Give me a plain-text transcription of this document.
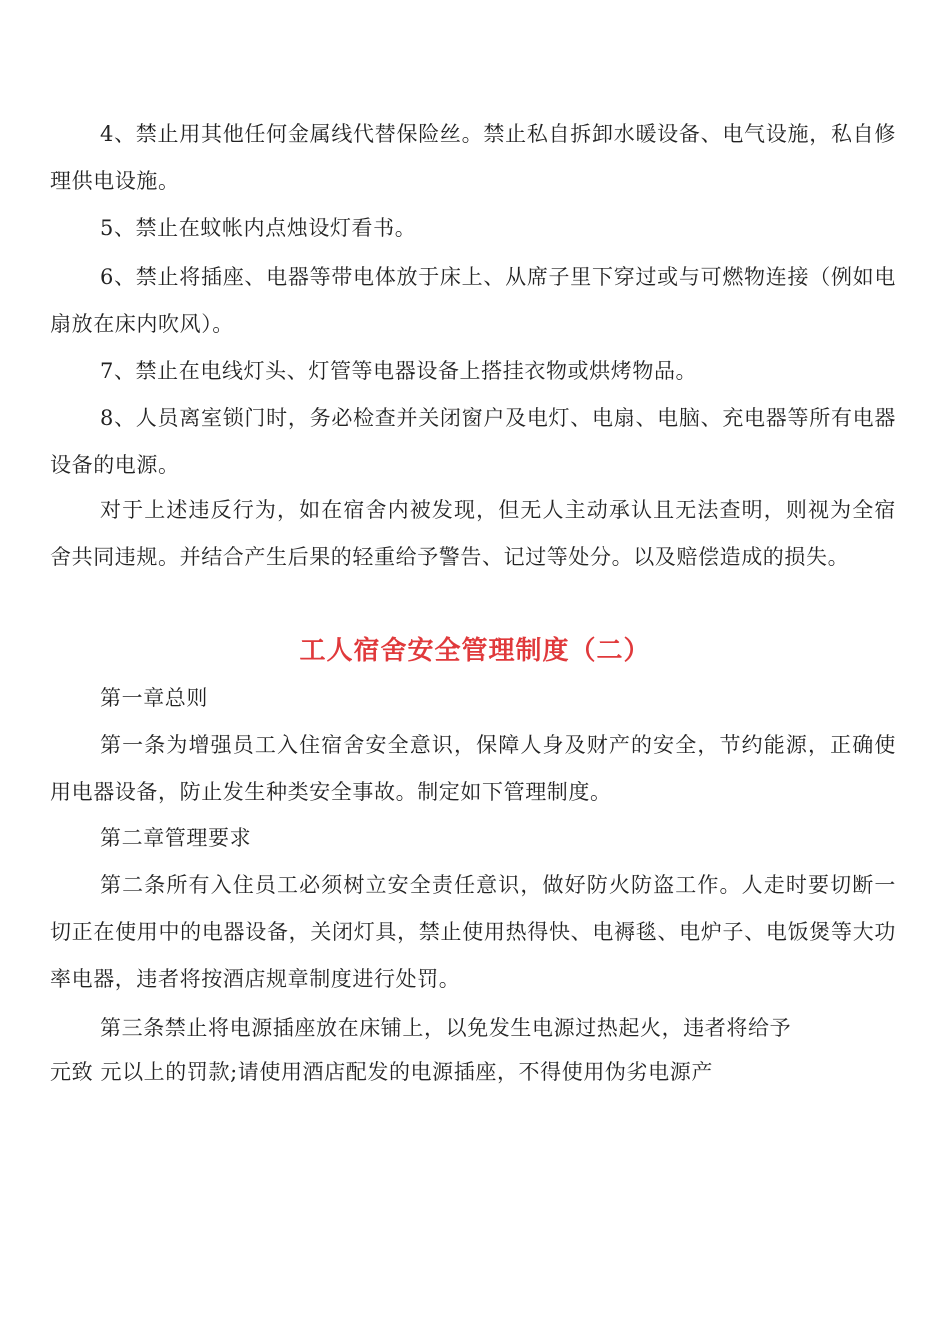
4、禁止用其他任何金属线代替保险丝。禁止私自拆卸水暖设备、电气设施，私自修理供电设施。

5、禁止在蚊帐内点烛设灯看书。

6、禁止将插座、电器等带电体放于床上、从席子里下穿过或与可燃物连接（例如电扇放在床内吹风）。

7、禁止在电线灯头、灯管等电器设备上搭挂衣物或烘烤物品。

8、人员离室锁门时，务必检查并关闭窗户及电灯、电扇、电脑、充电器等所有电器设备的电源。

对于上述违反行为，如在宿舍内被发现，但无人主动承认且无法查明，则视为全宿舍共同违规。并结合产生后果的轻重给予警告、记过等处分。以及赔偿造成的损失。

工人宿舍安全管理制度（二）

第一章总则

第一条为增强员工入住宿舍安全意识，保障人身及财产的安全，节约能源，正确使用电器设备，防止发生种类安全事故。制定如下管理制度。

第二章管理要求

第二条所有入住员工必须树立安全责任意识，做好防火防盗工作。人走时要切断一切正在使用中的电器设备，关闭灯具，禁止使用热得快、电褥毯、电炉子、电饭煲等大功率电器，违者将按酒店规章制度进行处罚。

第三条禁止将电源插座放在床铺上，以免发生电源过热起火，违者将给予

元致 元以上的罚款;请使用酒店配发的电源插座，不得使用伪劣电源产
